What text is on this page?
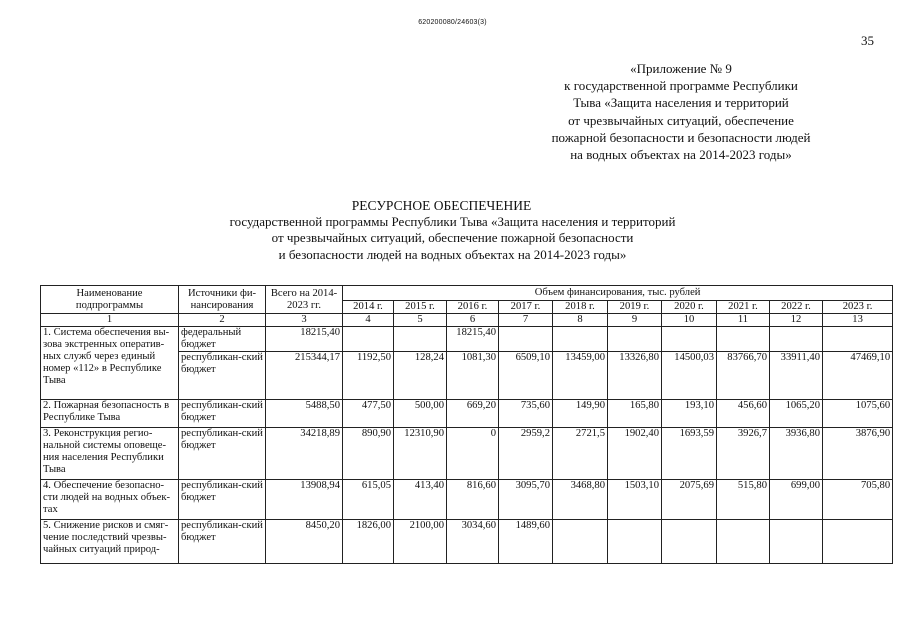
620200080/24603(3)
35
«Приложение № 9
к государственной программе Республики
Тыва «Защита населения и территорий
от чрезвычайных ситуаций, обеспечение
пожарной безопасности и безопасности людей
на водных объектах на 2014-2023 годы»
РЕСУРСНОЕ ОБЕСПЕЧЕНИЕ
государственной программы Республики Тыва «Защита населения и территорий
от чрезвычайных ситуаций, обеспечение пожарной безопасности
и безопасности людей на водных объектах на 2014-2023 годы»
Наименование подпрограммы	Источники фи-нансирования	Всего на 2014-2023 гг.	Объем финансирования, тыс. рублей									
			2014 г.	2015 г.	2016 г.	2017 г.	2018 г.	2019 г.	2020 г.	2021 г.	2022 г.	2023 г.
1	2	3	4	5	6	7	8	9	10	11	12	13
1. Система обеспечения вы-зова экстренных оператив-ных служб через единый номер «112» в Республике Тыва	федеральный бюджет	18215,40			18215,40							
	республикан-ский бюджет	215344,17	1192,50	128,24	1081,30	6509,10	13459,00	13326,80	14500,03	83766,70	33911,40	47469,10
2. Пожарная безопасность в Республике Тыва	республикан-ский бюджет	5488,50	477,50	500,00	669,20	735,60	149,90	165,80	193,10	456,60	1065,20	1075,60
3. Реконструкция регио-нальной системы оповеще-ния населения Республики Тыва	республикан-ский бюджет	34218,89	890,90	12310,90	0	2959,2	2721,5	1902,40	1693,59	3926,7	3936,80	3876,90
4. Обеспечение безопасно-сти людей на водных объек-тах	республикан-ский бюджет	13908,94	615,05	413,40	816,60	3095,70	3468,80	1503,10	2075,69	515,80	699,00	705,80
5. Снижение рисков и смяг-чение последствий чрезвы-чайных ситуаций природ-	республикан-ский бюджет	8450,20	1826,00	2100,00	3034,60	1489,60						
